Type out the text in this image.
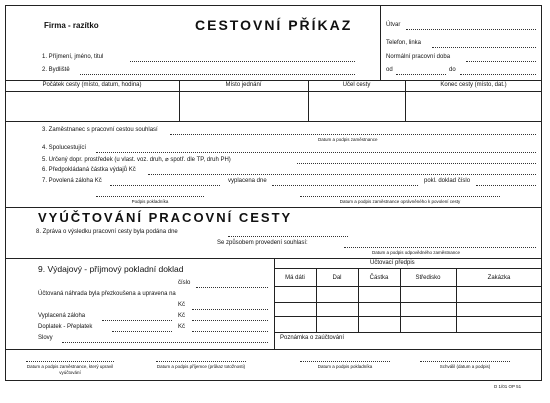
Firma - razítko	CESTOVNÍ PŘÍKAZ	Útvar
Telefon, linka
Normální pracovní doba
od	do
1. Příjmení, jméno, titul
2. Bydliště
Počátek cesty (místo, datum, hodina)	Místo jednání	Účel cesty	Konec cesty (místo, dat.)
3. Zaměstnanec s pracovní cestou souhlasí
Datum a podpis zaměstnance
4. Spolucestující
5. Určený dopr. prostředek (u vlast. voz. druh, ⌀ spotř. dle TP, druh PH)
6. Předpokládaná částka výdajů Kč
7. Povolená záloha Kč	vyplacena dne	pokl. doklad číslo
Podpis pokladníka	Datum a podpis zaměstnance oprávněného k povolení cesty
VYÚČTOVÁNÍ PRACOVNÍ CESTY
8. Zpráva o výsledku pracovní cesty byla podána dne
Se způsobem provedení souhlasí:
Datum a podpis odpovědného zaměstnance
9. Výdajový - příjmový pokladní doklad
číslo
Účtovaná náhrada byla přezkoušena a upravena na
Kč
Vyplacená záloha	Kč
Doplatek - Přeplatek	Kč
Slovy
Účtovací předpis
Má dáti	Dal	Částka	Středisko	Zakázka
Poznámka o zaúčtování
Datum a podpis zaměstnance, který upravil vyúčtování
Datum a podpis příjemce (průkaz totožnosti)	Datum a podpis pokladníka	Schválil (datum a podpis)
D 1/01 OP 51
